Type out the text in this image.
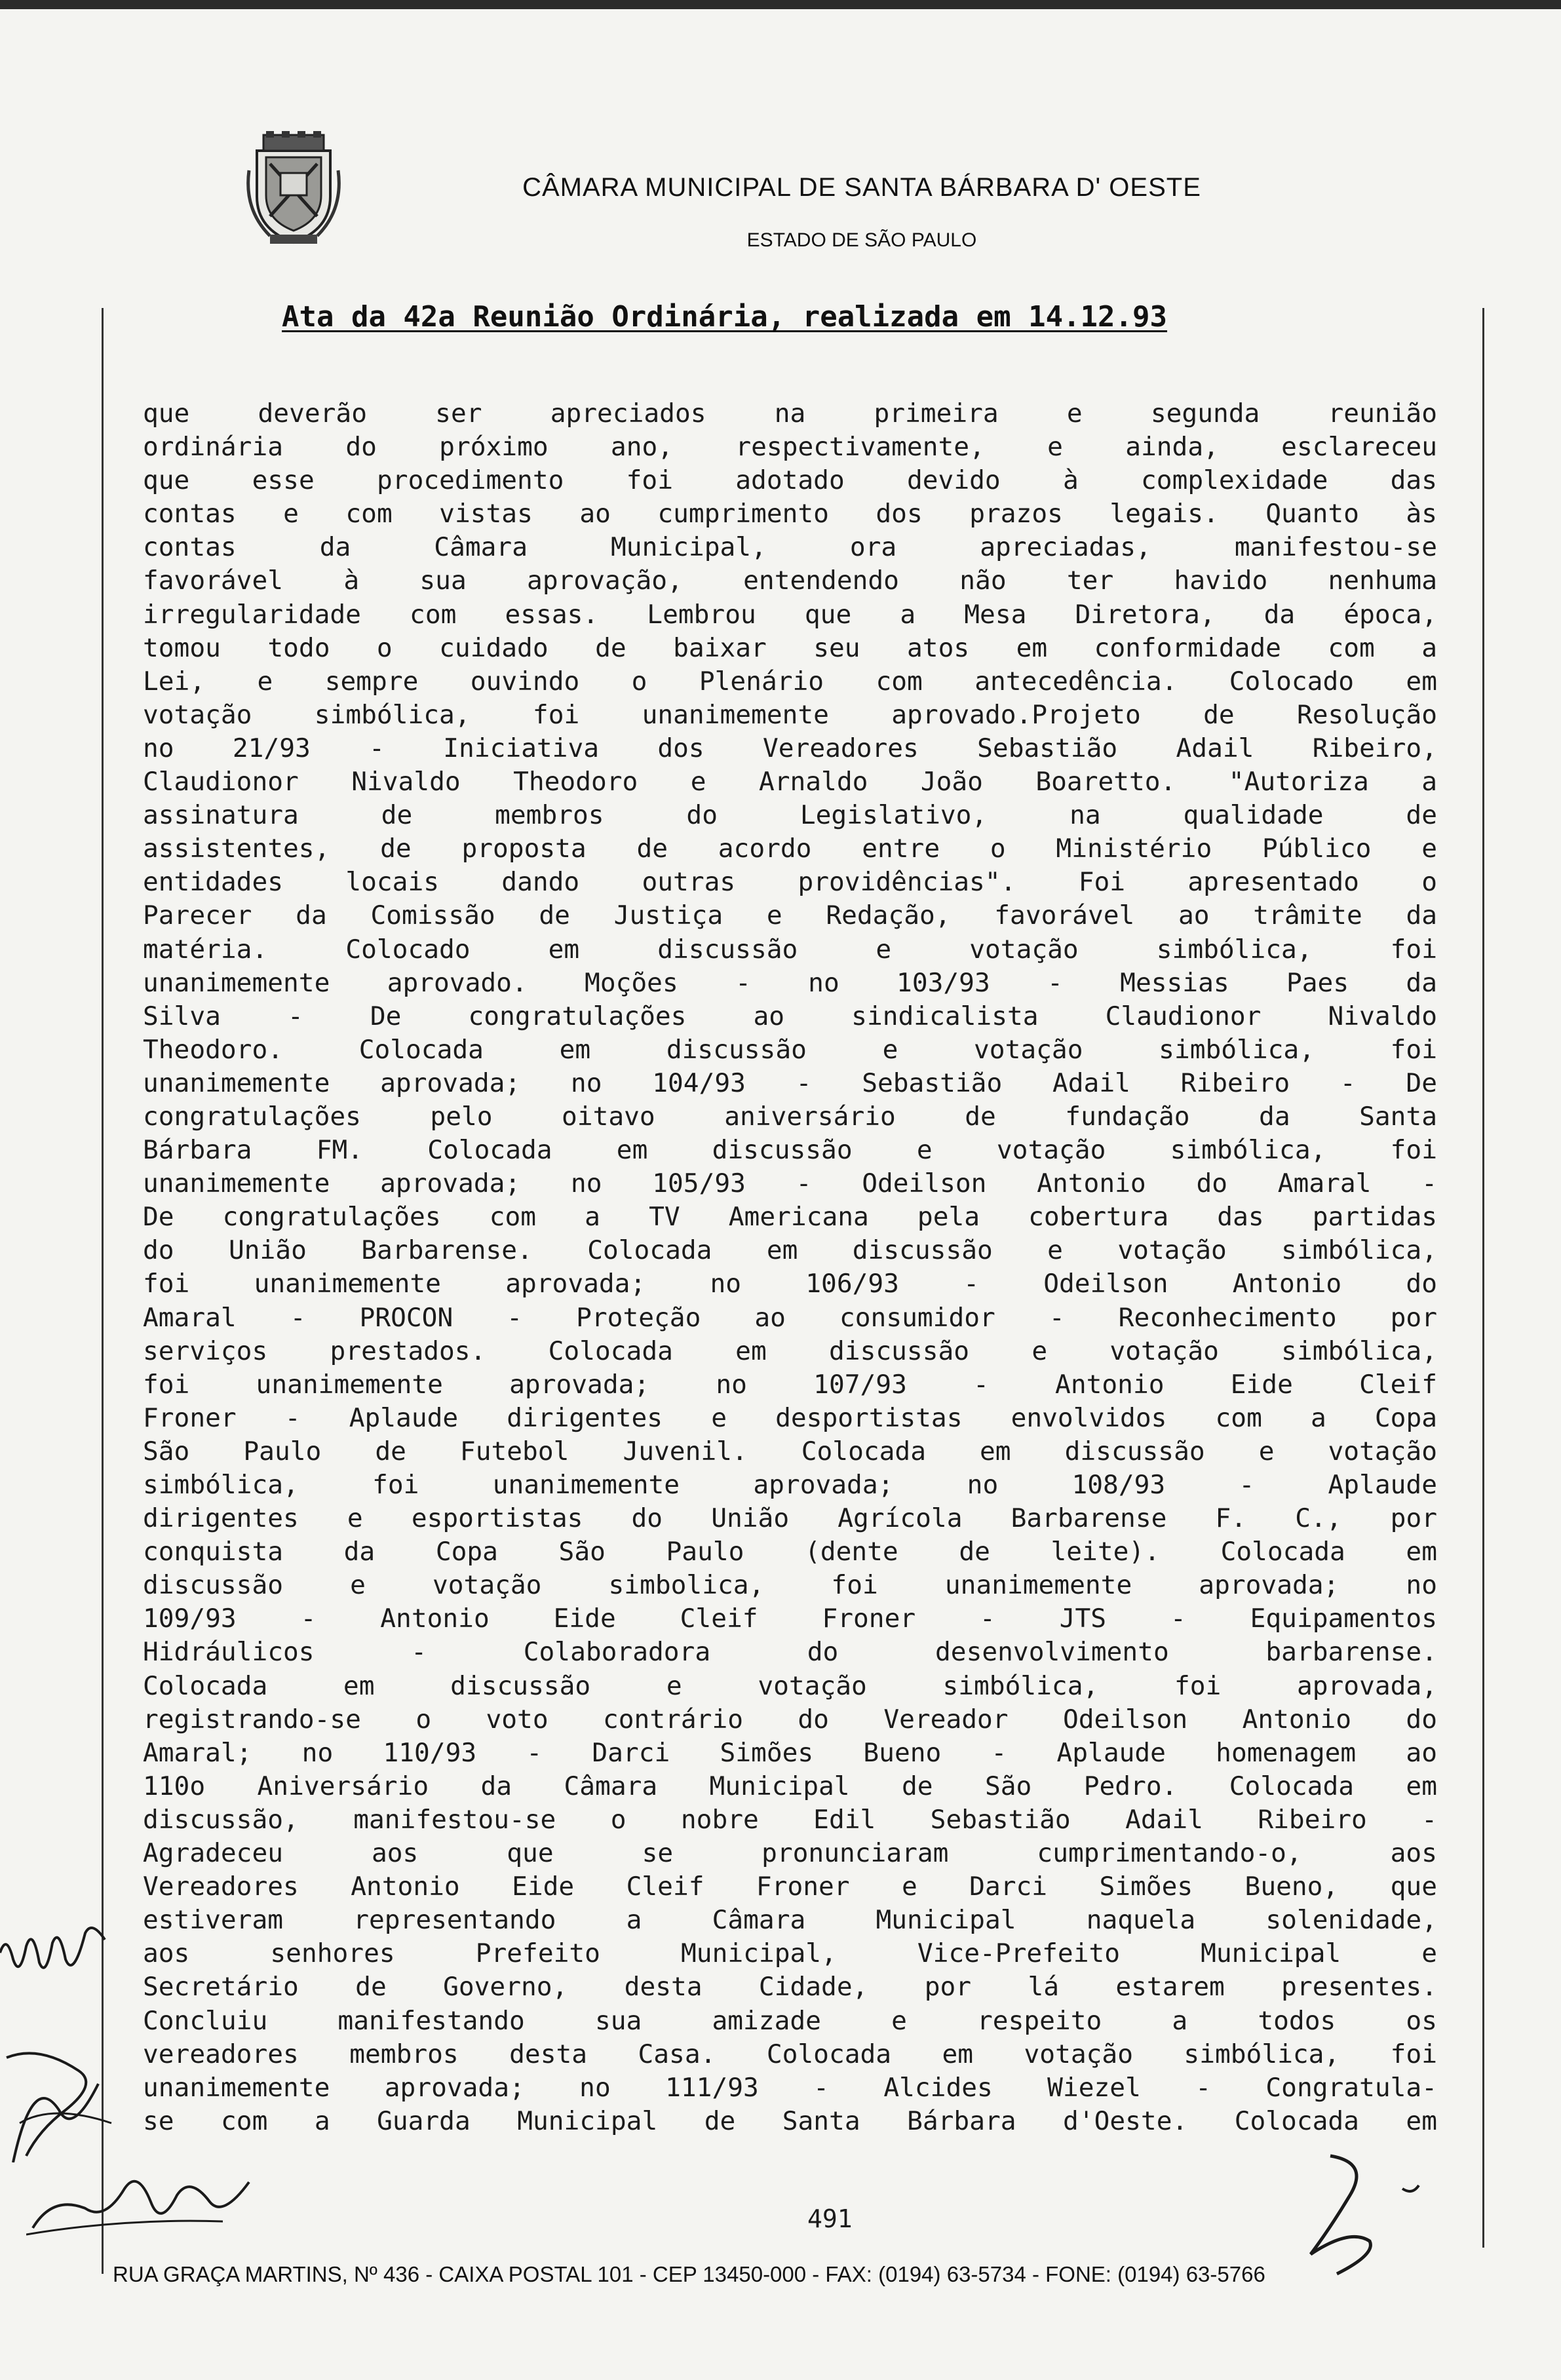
CÂMARA MUNICIPAL DE SANTA BÁRBARA D' OESTE
ESTADO DE SÃO PAULO
Ata da 42a Reunião Ordinária, realizada em 14.12.93
que deverão ser apreciados na primeira e segunda reunião
ordinária do próximo ano, respectivamente, e ainda, esclareceu
que esse procedimento foi adotado devido à complexidade das
contas e com vistas ao cumprimento dos prazos legais. Quanto às
contas da Câmara Municipal, ora apreciadas, manifestou-se
favorável à sua aprovação, entendendo não ter havido nenhuma
irregularidade com essas. Lembrou que a Mesa Diretora, da época,
tomou todo o cuidado de baixar seu atos em conformidade com a
Lei, e sempre ouvindo o Plenário com antecedência. Colocado em
votação simbólica, foi unanimemente aprovado.Projeto de Resolução
no 21/93 - Iniciativa dos Vereadores Sebastião Adail Ribeiro,
Claudionor Nivaldo Theodoro e Arnaldo João Boaretto. "Autoriza a
assinatura de membros do Legislativo, na qualidade de
assistentes, de proposta de acordo entre o Ministério Público e
entidades locais dando outras providências". Foi apresentado o
Parecer da Comissão de Justiça e Redação, favorável ao trâmite da
matéria. Colocado em discussão e votação simbólica, foi
unanimemente aprovado. Moções - no 103/93 - Messias Paes da
Silva - De congratulações ao sindicalista Claudionor Nivaldo
Theodoro. Colocada em discussão e votação simbólica, foi
unanimemente aprovada; no 104/93 - Sebastião Adail Ribeiro - De
congratulações pelo oitavo aniversário de fundação da Santa
Bárbara FM. Colocada em discussão e votação simbólica, foi
unanimemente aprovada; no 105/93 - Odeilson Antonio do Amaral -
De congratulações com a TV Americana pela cobertura das partidas
do União Barbarense. Colocada em discussão e votação simbólica,
foi unanimemente aprovada; no 106/93 - Odeilson Antonio do
Amaral - PROCON - Proteção ao consumidor - Reconhecimento por
serviços prestados. Colocada em discussão e votação simbólica,
foi unanimemente aprovada; no 107/93 - Antonio Eide Cleif
Froner - Aplaude dirigentes e desportistas envolvidos com a Copa
São Paulo de Futebol Juvenil. Colocada em discussão e votação
simbólica, foi unanimemente aprovada; no 108/93 - Aplaude
dirigentes e esportistas do União Agrícola Barbarense F. C., por
conquista da Copa São Paulo (dente de leite). Colocada em
discussão e votação simbolica, foi unanimemente aprovada; no
109/93 - Antonio Eide Cleif Froner - JTS - Equipamentos
Hidráulicos - Colaboradora do desenvolvimento barbarense.
Colocada em discussão e votação simbólica, foi aprovada,
registrando-se o voto contrário do Vereador Odeilson Antonio do
Amaral; no 110/93 - Darci Simões Bueno - Aplaude homenagem ao
110o Aniversário da Câmara Municipal de São Pedro. Colocada em
discussão, manifestou-se o nobre Edil Sebastião Adail Ribeiro -
Agradeceu aos que se pronunciaram cumprimentando-o, aos
Vereadores Antonio Eide Cleif Froner e Darci Simões Bueno, que
estiveram representando a Câmara Municipal naquela solenidade,
aos senhores Prefeito Municipal, Vice-Prefeito Municipal e
Secretário de Governo, desta Cidade, por lá estarem presentes.
Concluiu manifestando sua amizade e respeito a todos os
vereadores membros desta Casa. Colocada em votação simbólica, foi
unanimemente aprovada; no 111/93 - Alcides Wiezel - Congratula-
se com a Guarda Municipal de Santa Bárbara d'Oeste. Colocada em
491
RUA GRAÇA MARTINS, Nº 436 - CAIXA POSTAL 101 - CEP 13450-000 - FAX: (0194) 63-5734 - FONE: (0194) 63-5766
